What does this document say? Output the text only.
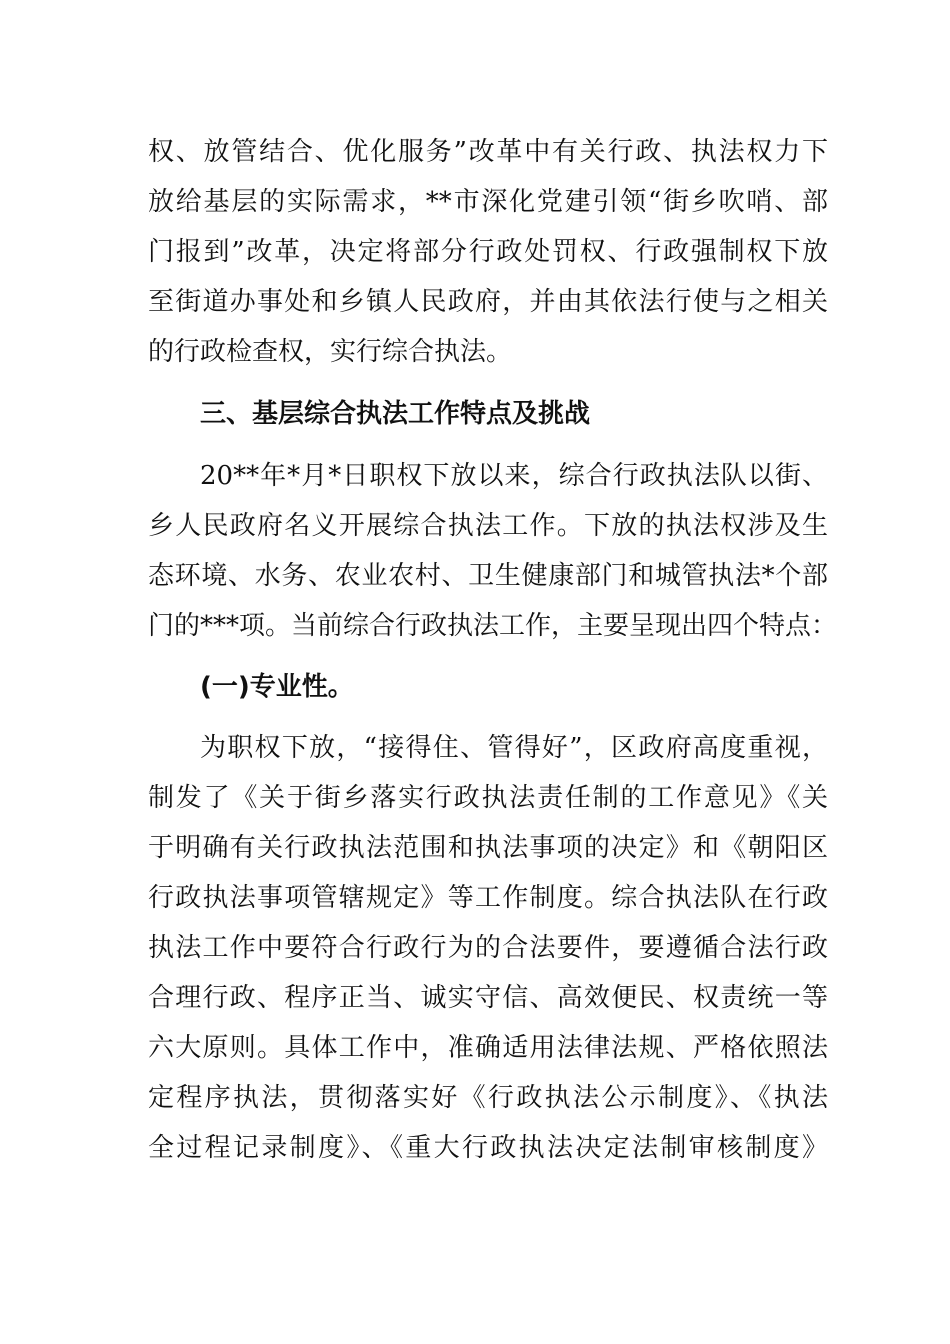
权、放管结合、优化服务”改革中有关行政、执法权力下
放给基层的实际需求，**市深化党建引领“街乡吹哨、部
门报到”改革，决定将部分行政处罚权、行政强制权下放
至街道办事处和乡镇人民政府，并由其依法行使与之相关
的行政检查权，实行综合执法。
三、基层综合执法工作特点及挑战
20**年*月*日职权下放以来，综合行政执法队以街、
乡人民政府名义开展综合执法工作。下放的执法权涉及生
态环境、水务、农业农村、卫生健康部门和城管执法*个部
门的***项。当前综合行政执法工作，主要呈现出四个特点：
(一)专业性。
为职权下放，“接得住、管得好”，区政府高度重视，
制发了《关于街乡落实行政执法责任制的工作意见》《关
于明确有关行政执法范围和执法事项的决定》和《朝阳区
行政执法事项管辖规定》等工作制度。综合执法队在行政
执法工作中要符合行政行为的合法要件，要遵循合法行政
合理行政、程序正当、诚实守信、高效便民、权责统一等
六大原则。具体工作中，准确适用法律法规、严格依照法
定程序执法，贯彻落实好《行政执法公示制度》、《执法
全过程记录制度》、《重大行政执法决定法制审核制度》
